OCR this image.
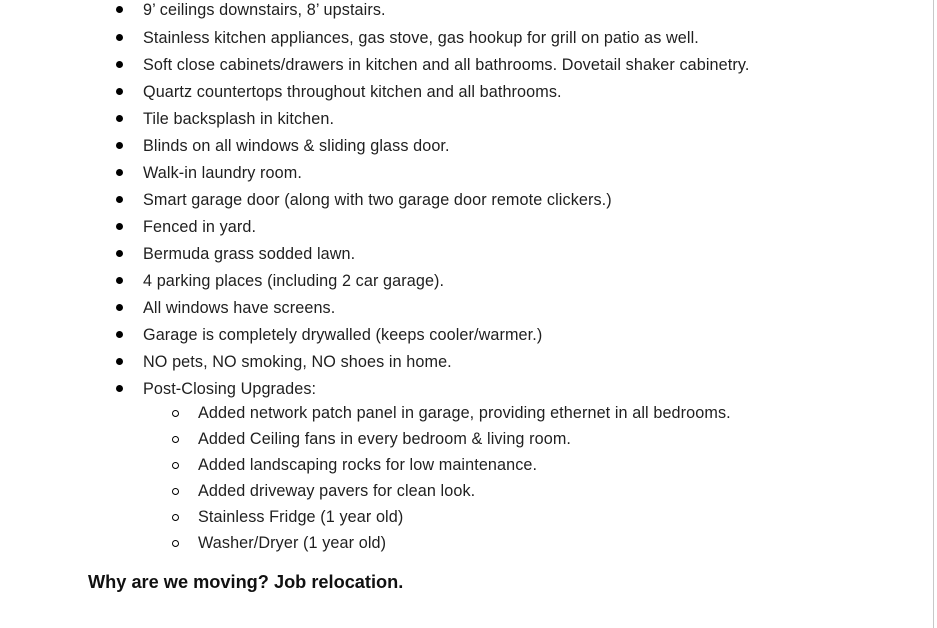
9’ ceilings downstairs, 8’ upstairs.
Stainless kitchen appliances, gas stove, gas hookup for grill on patio as well.
Soft close cabinets/drawers in kitchen and all bathrooms. Dovetail shaker cabinetry.
Quartz countertops throughout kitchen and all bathrooms.
Tile backsplash in kitchen.
Blinds on all windows & sliding glass door.
Walk-in laundry room.
Smart garage door (along with two garage door remote clickers.)
Fenced in yard.
Bermuda grass sodded lawn.
4 parking places (including 2 car garage).
All windows have screens.
Garage is completely drywalled (keeps cooler/warmer.)
NO pets, NO smoking, NO shoes in home.
Post-Closing Upgrades:
Added network patch panel in garage, providing ethernet in all bedrooms.
Added Ceiling fans in every bedroom & living room.
Added landscaping rocks for low maintenance.
Added driveway pavers for clean look.
Stainless Fridge (1 year old)
Washer/Dryer (1 year old)
Why are we moving? Job relocation.
